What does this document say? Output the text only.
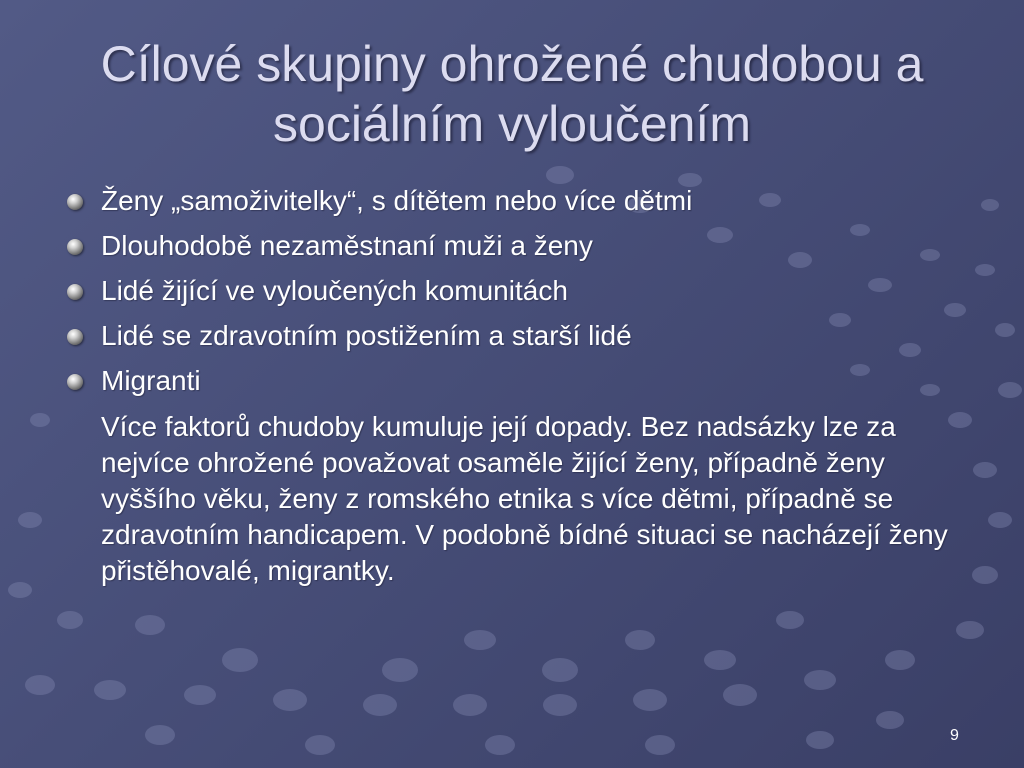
Cílové skupiny ohrožené chudobou a sociálním vyloučením
Ženy „samoživitelky“, s dítětem nebo více dětmi
Dlouhodobě nezaměstnaní muži a ženy
Lidé žijící ve vyloučených komunitách
Lidé se zdravotním postižením a starší lidé
Migranti

Více faktorů chudoby kumuluje její dopady. Bez nadsázky lze za nejvíce ohrožené považovat osaměle žijící ženy, případně ženy vyššího věku, ženy z romského etnika s více dětmi, případně se zdravotním handicapem. V podobně bídné situaci se nacházejí ženy přistěhovalé, migrantky.

9
